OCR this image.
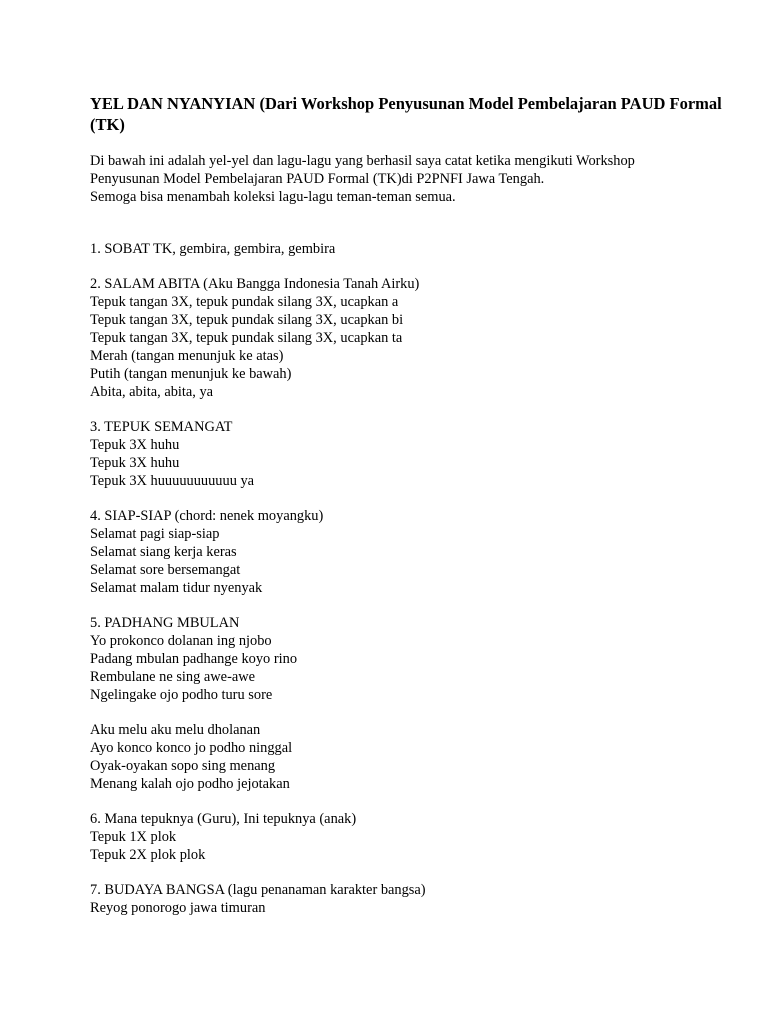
YEL DAN NYANYIAN (Dari Workshop Penyusunan Model Pembelajaran PAUD Formal (TK)
Di bawah ini adalah yel-yel dan lagu-lagu yang berhasil saya catat ketika mengikuti Workshop
Penyusunan Model Pembelajaran PAUD Formal (TK)di P2PNFI Jawa Tengah.
Semoga bisa menambah koleksi lagu-lagu teman-teman semua.
1. SOBAT TK, gembira, gembira, gembira
2. SALAM ABITA (Aku Bangga Indonesia Tanah Airku)
Tepuk tangan 3X, tepuk pundak silang 3X, ucapkan a
Tepuk tangan 3X, tepuk pundak silang 3X, ucapkan bi
Tepuk tangan 3X, tepuk pundak silang 3X, ucapkan ta
Merah (tangan menunjuk ke atas)
Putih (tangan menunjuk ke bawah)
Abita, abita, abita, ya
3. TEPUK SEMANGAT
Tepuk 3X huhu
Tepuk 3X huhu
Tepuk 3X huuuuuuuuuuu ya
4. SIAP-SIAP (chord: nenek moyangku)
Selamat pagi siap-siap
Selamat siang kerja keras
Selamat sore bersemangat
Selamat malam tidur nyenyak
5. PADHANG MBULAN
Yo prokonco dolanan ing njobo
Padang mbulan padhange koyo rino
Rembulane ne sing awe-awe
Ngelingake ojo podho turu sore
Aku melu aku melu dholanan
Ayo konco konco jo podho ninggal
Oyak-oyakan sopo sing menang
Menang kalah ojo podho jejotakan
6. Mana tepuknya (Guru), Ini tepuknya (anak)
Tepuk 1X plok
Tepuk 2X plok plok
7. BUDAYA BANGSA (lagu penanaman karakter bangsa)
Reyog ponorogo jawa timuran
